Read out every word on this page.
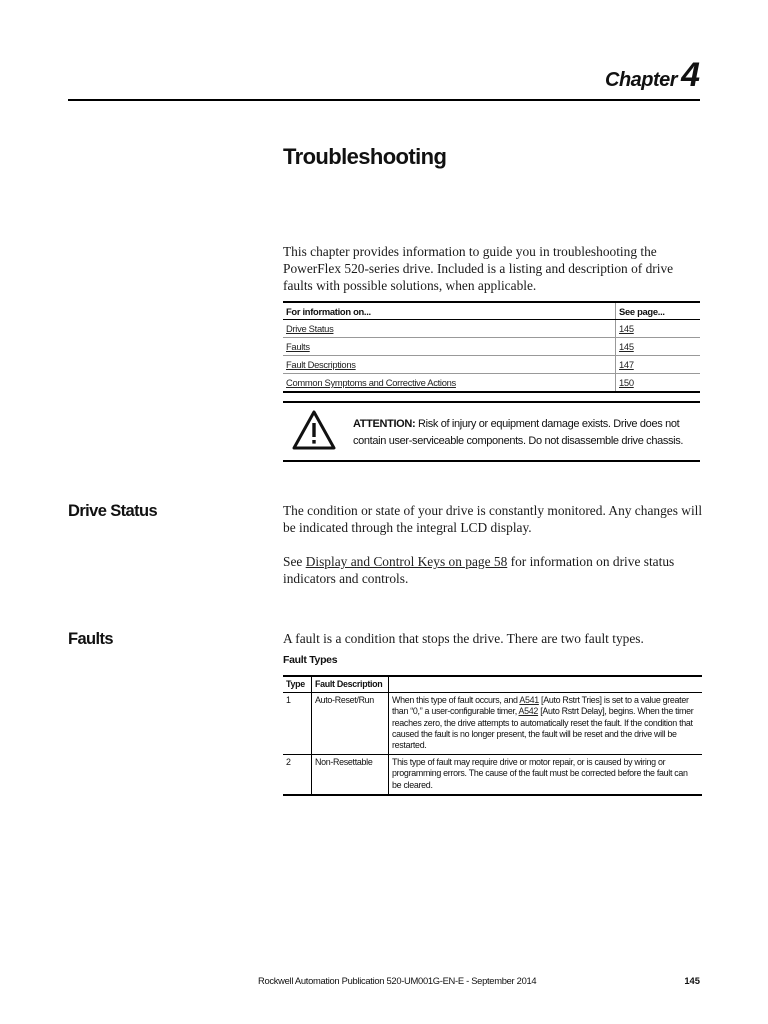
Chapter 4
Troubleshooting
This chapter provides information to guide you in troubleshooting the PowerFlex 520-series drive. Included is a listing and description of drive faults with possible solutions, when applicable.
For information on...	See page...
Drive Status	145
Faults	145
Fault Descriptions	147
Common Symptoms and Corrective Actions	150
ATTENTION: Risk of injury or equipment damage exists. Drive does not contain user-serviceable components. Do not disassemble drive chassis.
Drive Status	The condition or state of your drive is constantly monitored. Any changes will be indicated through the integral LCD display.
See Display and Control Keys on page 58 for information on drive status indicators and controls.
Faults	A fault is a condition that stops the drive. There are two fault types.
Fault Types
Type	Fault Description	
1	Auto-Reset/Run	When this type of fault occurs, and A541 [Auto Rstrt Tries] is set to a value greater than “0,” a user-configurable timer, A542 [Auto Rstrt Delay], begins. When the timer reaches zero, the drive attempts to automatically reset the fault. If the condition that caused the fault is no longer present, the fault will be reset and the drive will be restarted.
2	Non-Resettable	This type of fault may require drive or motor repair, or is caused by wiring or programming errors. The cause of the fault must be corrected before the fault can be cleared.
Rockwell Automation Publication 520-UM001G-EN-E - September 2014	145
